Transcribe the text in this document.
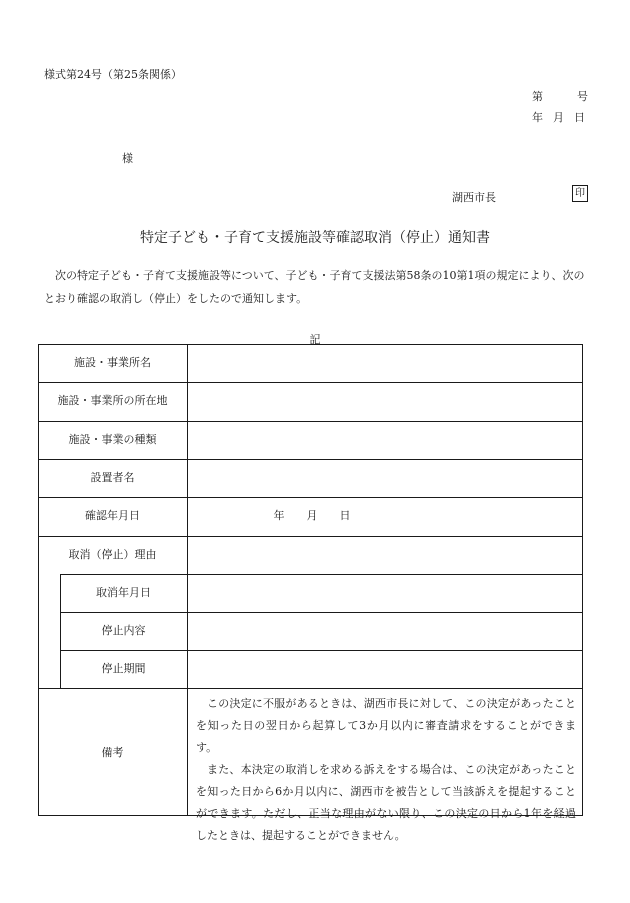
様式第24号（第25条関係）
第	号
年 月 日
様
湖西市長	印
特定子ども・子育て支援施設等確認取消（停止）通知書
次の特定子ども・子育て支援施設等について、子ども・子育て支援法第58条の10第1項の規定により、次のとおり確認の取消し（停止）をしたので通知します。
記
施設・事業所名
施設・事業所の所在地
施設・事業の種類
設置者名
確認年月日
取消（停止）理由
年　　月　　日
取消年月日
停止内容
停止期間
備考

この決定に不服があるときは、湖西市長に対して、この決定があったことを知った日の翌日から起算して3か月以内に審査請求をすることができます。

また、本決定の取消しを求める訴えをする場合は、この決定があったことを知った日から6か月以内に、湖西市を被告として当該訴えを提起することができます。ただし、正当な理由がない限り、この決定の日から1年を経過したときは、提起することができません。
